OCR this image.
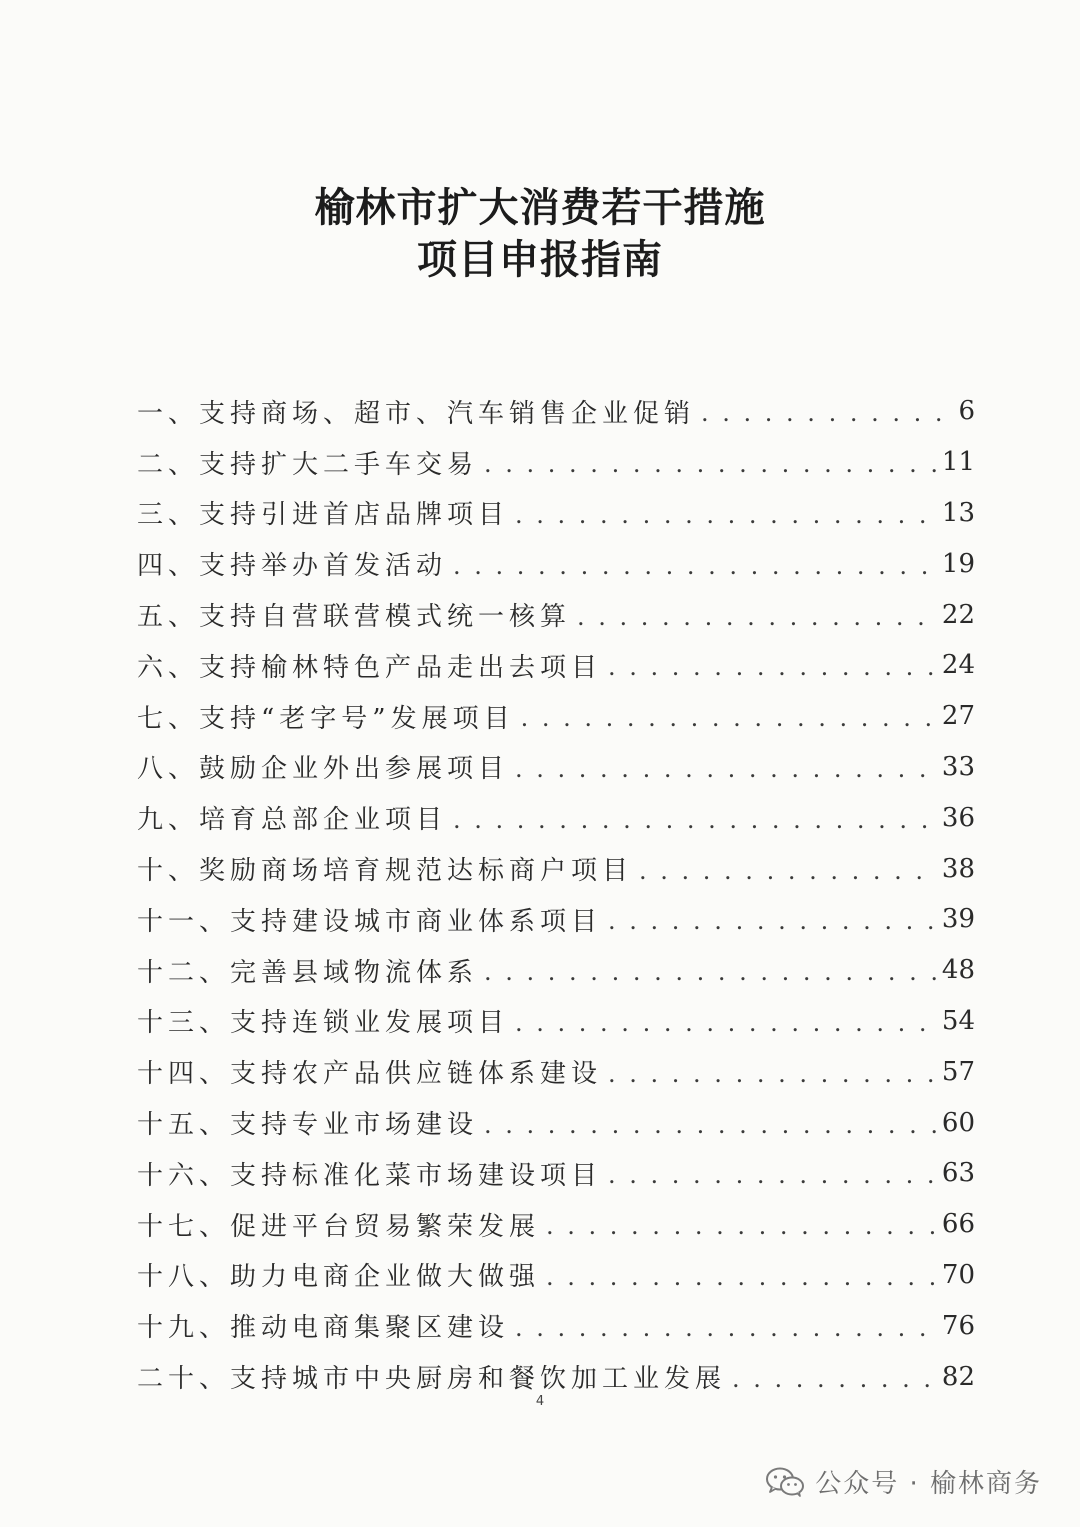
榆林市扩大消费若干措施
项目申报指南
一、支持商场、超市、汽车销售企业促销 . . .	6
二、支持扩大二手车交易 . . .	11
三、支持引进首店品牌项目 . . .	13
四、支持举办首发活动 . . .	19
五、支持自营联营模式统一核算 . . .	22
六、支持榆林特色产品走出去项目 . . .	24
七、支持“老字号”发展项目 . . .	27
八、鼓励企业外出参展项目 . . .	33
九、培育总部企业项目 . . .	36
十、奖励商场培育规范达标商户项目 . . .	38
十一、支持建设城市商业体系项目 . . .	39
十二、完善县域物流体系 . . .	48
十三、支持连锁业发展项目 . . .	54
十四、支持农产品供应链体系建设 . . .	57
十五、支持专业市场建设 . . .	60
十六、支持标准化菜市场建设项目 . . .	63
十七、促进平台贸易繁荣发展 . . .	66
十八、助力电商企业做大做强 . . .	70
十九、推动电商集聚区建设 . . .	76
二十、支持城市中央厨房和餐饮加工业发展 . . .	82
4
公众号 · 榆林商务
